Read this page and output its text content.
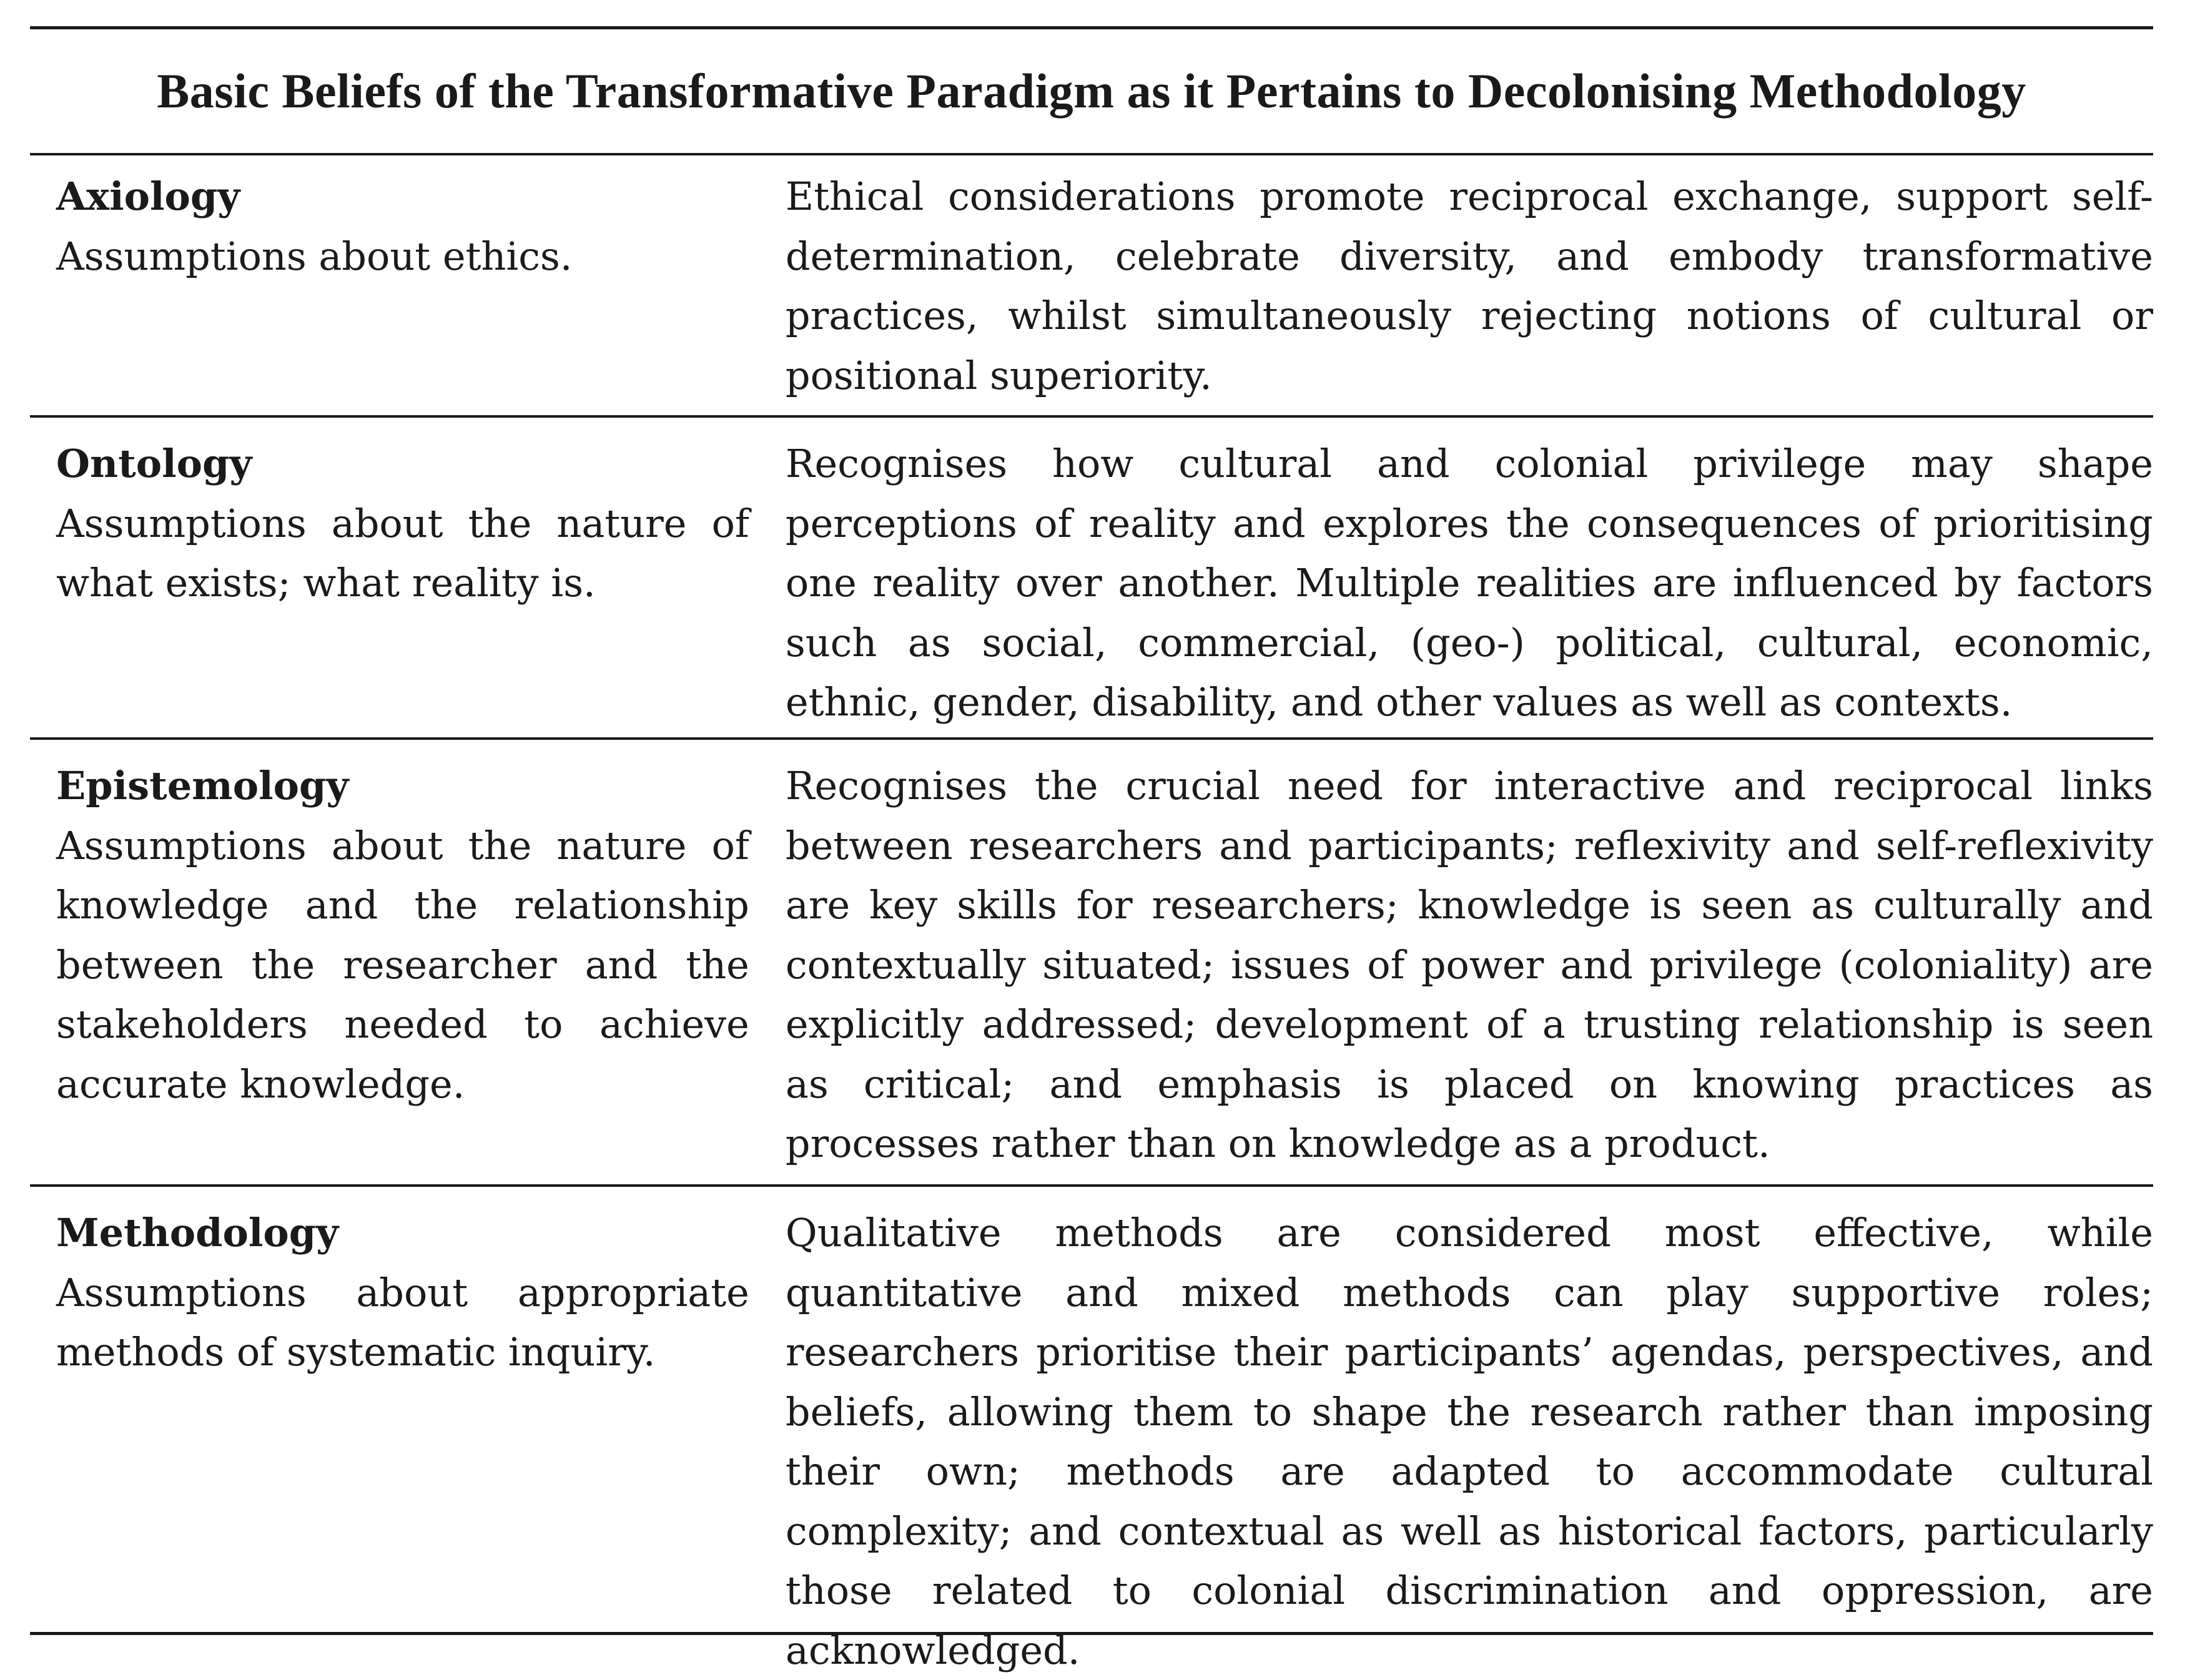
Basic Beliefs of the Transformative Paradigm as it Pertains to Decolonising Methodology
Axiology
Assumptions about ethics.
Ethical considerations promote reciprocal exchange, support self-determination, celebrate diversity, and embody transformative practices, whilst simultaneously rejecting notions of cultural or positional superiority.
Ontology
Assumptions about the nature of what exists; what reality is.
Recognises how cultural and colonial privilege may shape perceptions of reality and explores the consequences of prioritising one reality over another. Multiple realities are influenced by factors such as social, commercial, (geo-) political, cultural, economic, ethnic, gender, disability, and other values as well as contexts.
Epistemology
Assumptions about the nature of knowledge and the relationship between the researcher and the stakeholders needed to achieve accurate knowledge.
Recognises the crucial need for interactive and reciprocal links between researchers and participants; reflexivity and self-reflexivity are key skills for researchers; knowledge is seen as culturally and contextually situated; issues of power and privilege (coloniality) are explicitly addressed; development of a trusting relationship is seen as critical; and emphasis is placed on knowing practices as processes rather than on knowledge as a product.
Methodology
Assumptions about appropriate methods of systematic inquiry.
Qualitative methods are considered most effective, while quantitative and mixed methods can play supportive roles; researchers prioritise their participants’ agendas, perspectives, and beliefs, allowing them to shape the research rather than imposing their own; methods are adapted to accommodate cultural complexity; and contextual as well as historical factors, particularly those related to colonial discrimination and oppression, are acknowledged.
